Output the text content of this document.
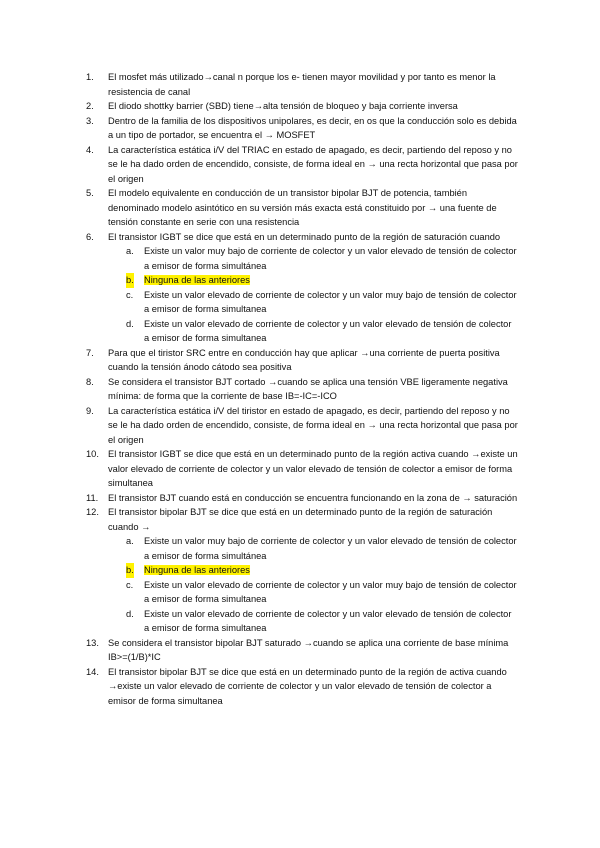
1. El mosfet más utilizado→canal n porque los e- tienen mayor movilidad y por tanto es menor la resistencia de canal
2. El diodo shottky barrier (SBD) tiene→alta tensión de bloqueo y baja corriente inversa
3. Dentro de la familia de los dispositivos unipolares, es decir, en os que la conducción solo es debida a un tipo de portador, se encuentra el → MOSFET
4. La característica estática i/V del TRIAC en estado de apagado, es decir, partiendo del reposo y no se le ha dado orden de encendido, consiste, de forma ideal en → una recta horizontal que pasa por el origen
5. El modelo equivalente en conducción de un transistor bipolar BJT de potencia, también denominado modelo asintótico en su versión más exacta está constituido por → una fuente de tensión constante en serie con una resistencia
6. El transistor IGBT se dice que está en un determinado punto de la región de saturación cuando
a. Existe un valor muy bajo de corriente de colector y un valor elevado de tensión de colector a emisor de forma simultánea
b. Ninguna de las anteriores
c. Existe un valor elevado de corriente de colector y un valor muy bajo de tensión de colector a emisor de forma simultanea
d. Existe un valor elevado de corriente de colector y un valor elevado de tensión de colector a emisor de forma simultanea
7. Para que el tiristor SRC entre en conducción hay que aplicar →una corriente de puerta positiva cuando la tensión ánodo cátodo sea positiva
8. Se considera el transistor BJT cortado →cuando se aplica una tensión VBE ligeramente negativa mínima: de forma que la corriente de base IB=-IC=-ICO
9. La característica estática i/V del tiristor en estado de apagado, es decir, partiendo del reposo y no se le ha dado orden de encendido, consiste, de forma ideal en → una recta horizontal que pasa por el origen
10. El transistor IGBT se dice que está en un determinado punto de la región activa cuando →existe un valor elevado de corriente de colector y un valor elevado de tensión de colector a emisor de forma simultanea
11. El transistor BJT cuando está en conducción se encuentra funcionando en la zona de → saturación
12. El transistor bipolar BJT se dice que está en un determinado punto de la región de saturación cuando →
a. Existe un valor muy bajo de corriente de colector y un valor elevado de tensión de colector a emisor de forma simultánea
b. Ninguna de las anteriores
c. Existe un valor elevado de corriente de colector y un valor muy bajo de tensión de colector a emisor de forma simultanea
d. Existe un valor elevado de corriente de colector y un valor elevado de tensión de colector a emisor de forma simultanea
13. Se considera el transistor bipolar BJT saturado →cuando se aplica una corriente de base mínima IB>=(1/B)*IC
14. El transistor bipolar BJT se dice que está en un determinado punto de la región de activa cuando →existe un valor elevado de corriente de colector y un valor elevado de tensión de colector a emisor de forma simultanea
